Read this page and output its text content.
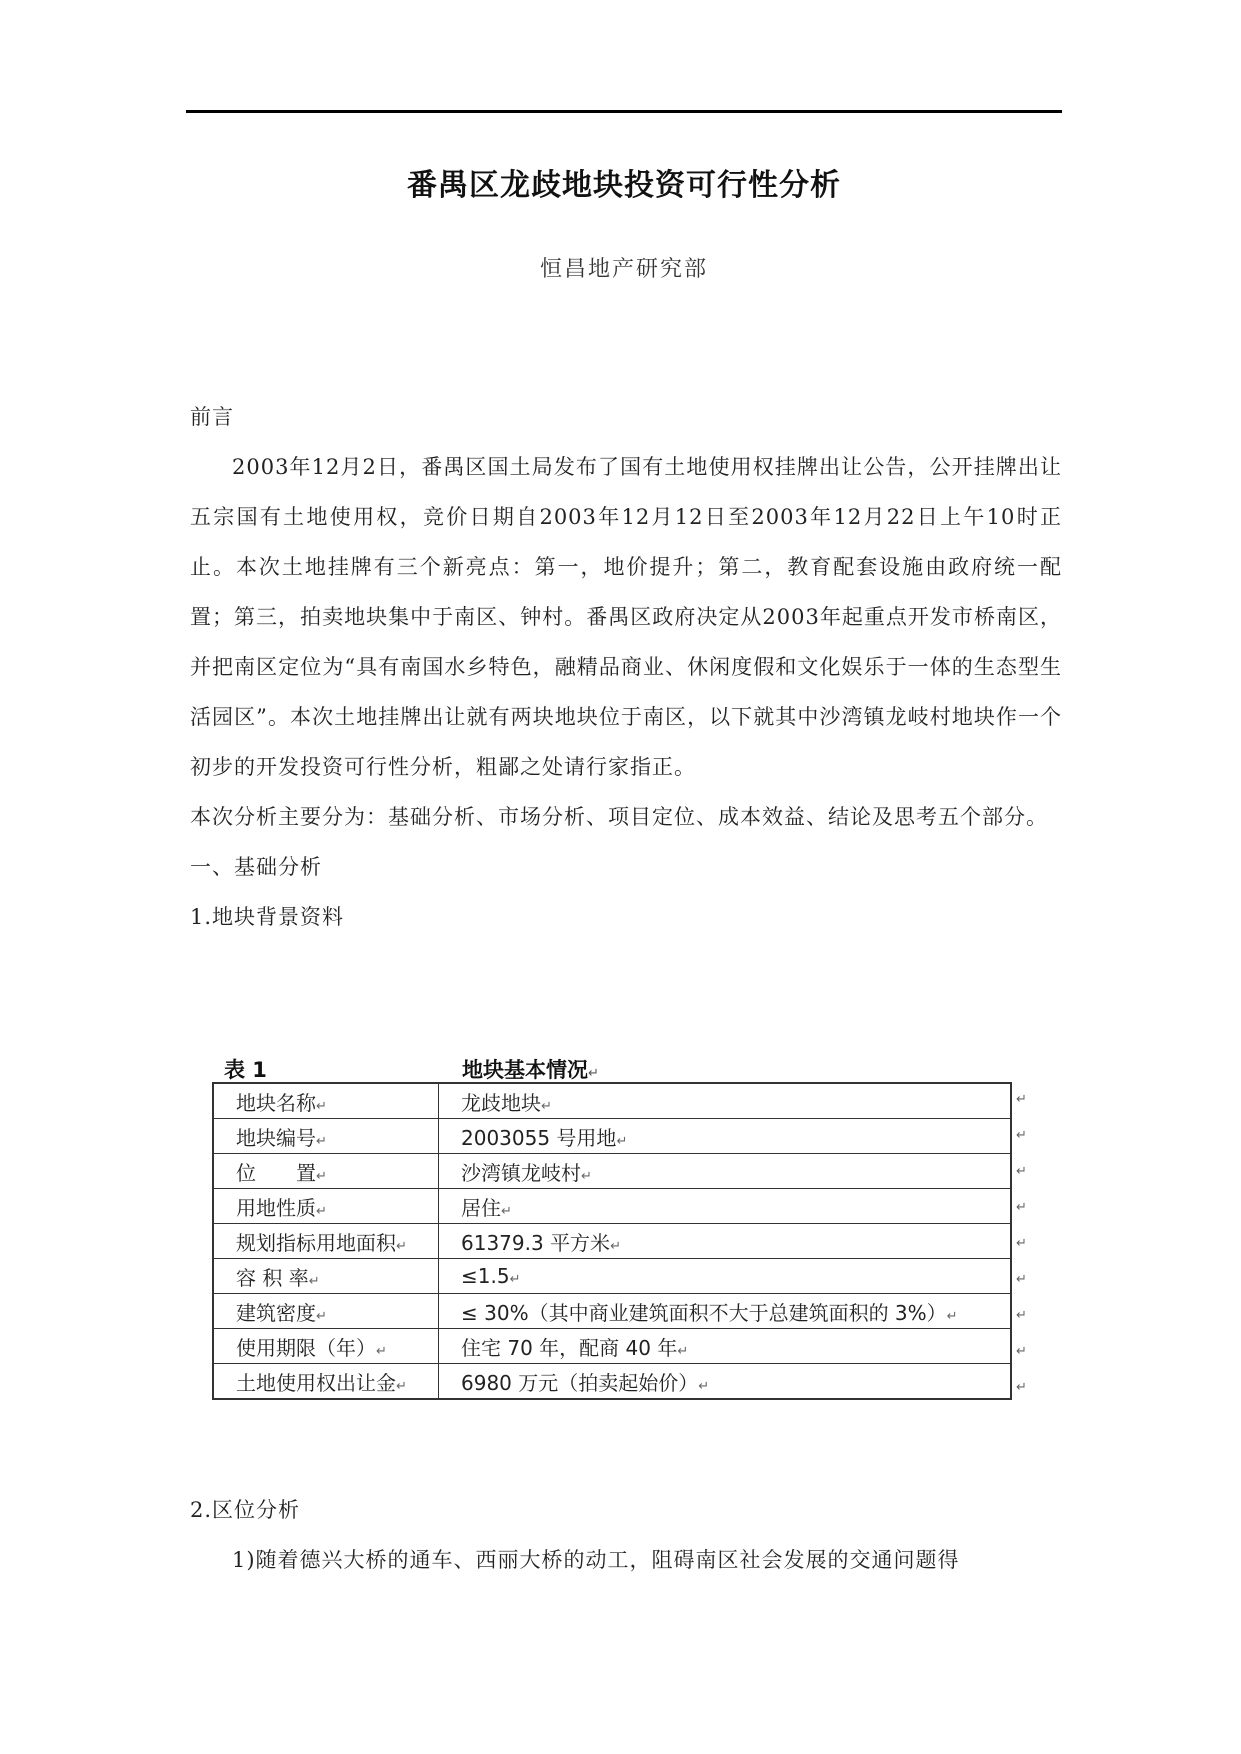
番禺区龙歧地块投资可行性分析
恒昌地产研究部

前言

2003年12月2日，番禺区国土局发布了国有土地使用权挂牌出让公告，公开挂牌出让五宗国有土地使用权，竞价日期自2003年12月12日至2003年12月22日上午10时正止。本次土地挂牌有三个新亮点：第一，地价提升；第二，教育配套设施由政府统一配置；第三，拍卖地块集中于南区、钟村。番禺区政府决定从2003年起重点开发市桥南区，并把南区定位为“具有南国水乡特色，融精品商业、休闲度假和文化娱乐于一体的生态型生活园区”。本次土地挂牌出让就有两块地块位于南区，以下就其中沙湾镇龙岐村地块作一个初步的开发投资可行性分析，粗鄙之处请行家指正。

本次分析主要分为：基础分析、市场分析、项目定位、成本效益、结论及思考五个部分。

一、基础分析

1.地块背景资料

表 1	地块基本情况↵
地块名称↵	龙歧地块↵
地块编号↵	2003055 号用地↵
位　　置↵	沙湾镇龙岐村↵
用地性质↵	居住↵
规划指标用地面积↵	61379.3 平方米↵
容 积 率↵	≤1.5↵
建筑密度↵	≤ 30%（其中商业建筑面积不大于总建筑面积的 3%）↵
使用期限（年）↵	住宅 70 年，配商 40 年↵
土地使用权出让金↵	6980 万元（拍卖起始价）↵
↵
↵
↵
↵
↵
↵
↵
↵
↵

2.区位分析

1)随着德兴大桥的通车、西丽大桥的动工，阻碍南区社会发展的交通问题得
